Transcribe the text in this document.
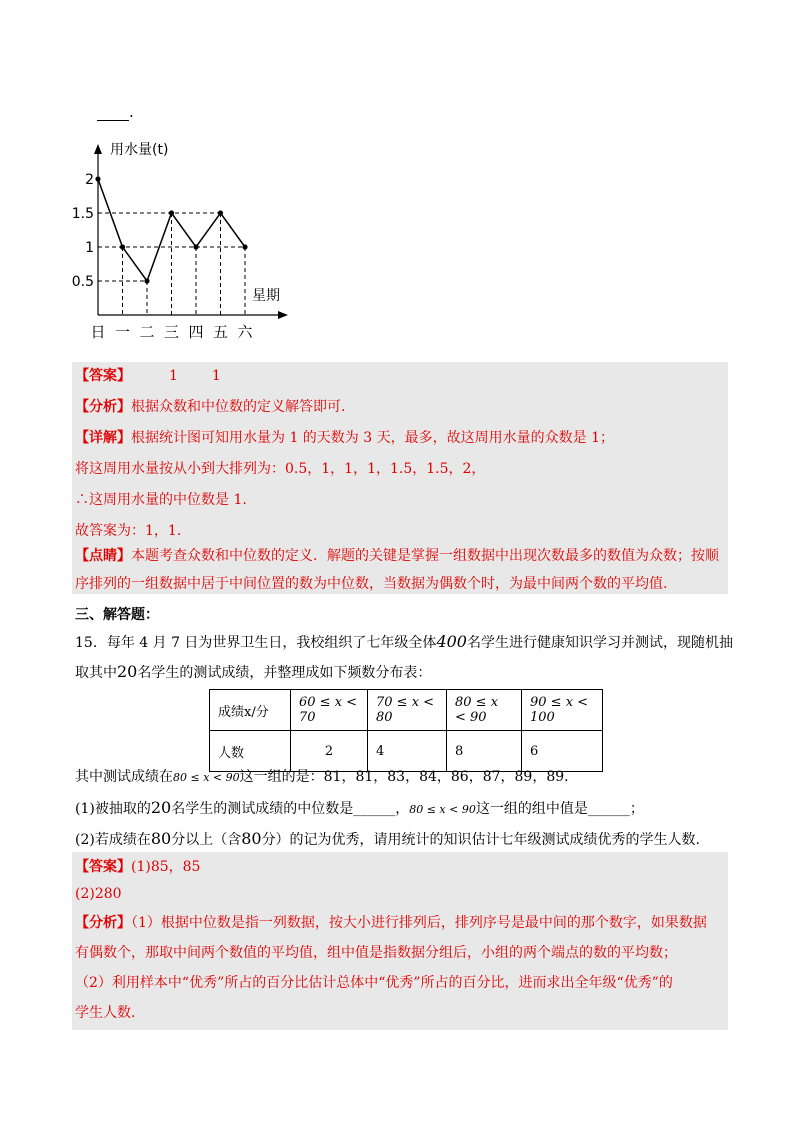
.
2
1.5
1
0.5
日 一 二 三 四 五 六
用水量(t)
星期
【答案】	1 1
【分析】根据众数和中位数的定义解答即可.
【详解】根据统计图可知用水量为 1 的天数为 3 天，最多，故这周用水量的众数是 1；
将这周用水量按从小到大排列为：0.5，1，1，1，1.5，1.5，2，
∴这周用水量的中位数是 1.
故答案为：1，1.
【点睛】本题考查众数和中位数的定义．解题的关键是掌握一组数据中出现次数最多的数值为众数；按顺
序排列的一组数据中居于中间位置的数为中位数，当数据为偶数个时，为最中间两个数的平均值.
三、解答题：
15．每年 4 月 7 日为世界卫生日，我校组织了七年级全体400名学生进行健康知识学习并测试，现随机抽
取其中20名学生的测试成绩，并整理成如下频数分布表：
成绩x/分	60 ≤ x < 70	70 ≤ x < 80	80 ≤ x < 90	90 ≤ x < 100
人数	2	4	8	6
其中测试成绩在80 ≤ x < 90这一组的是：81，81，83，84，86，87，89，89．
(1)被抽取的20名学生的测试成绩的中位数是______，80 ≤ x < 90这一组的组中值是______；
(2)若成绩在80分以上（含80分）的记为优秀，请用统计的知识估计七年级测试成绩优秀的学生人数.
【答案】(1)85，85
(2)280
【分析】（1）根据中位数是指一列数据，按大小进行排列后，排列序号是最中间的那个数字，如果数据
有偶数个，那取中间两个数值的平均值，组中值是指数据分组后，小组的两个端点的数的平均数；
（2）利用样本中“优秀”所占的百分比估计总体中“优秀”所占的百分比，进而求出全年级“优秀”的
学生人数.
